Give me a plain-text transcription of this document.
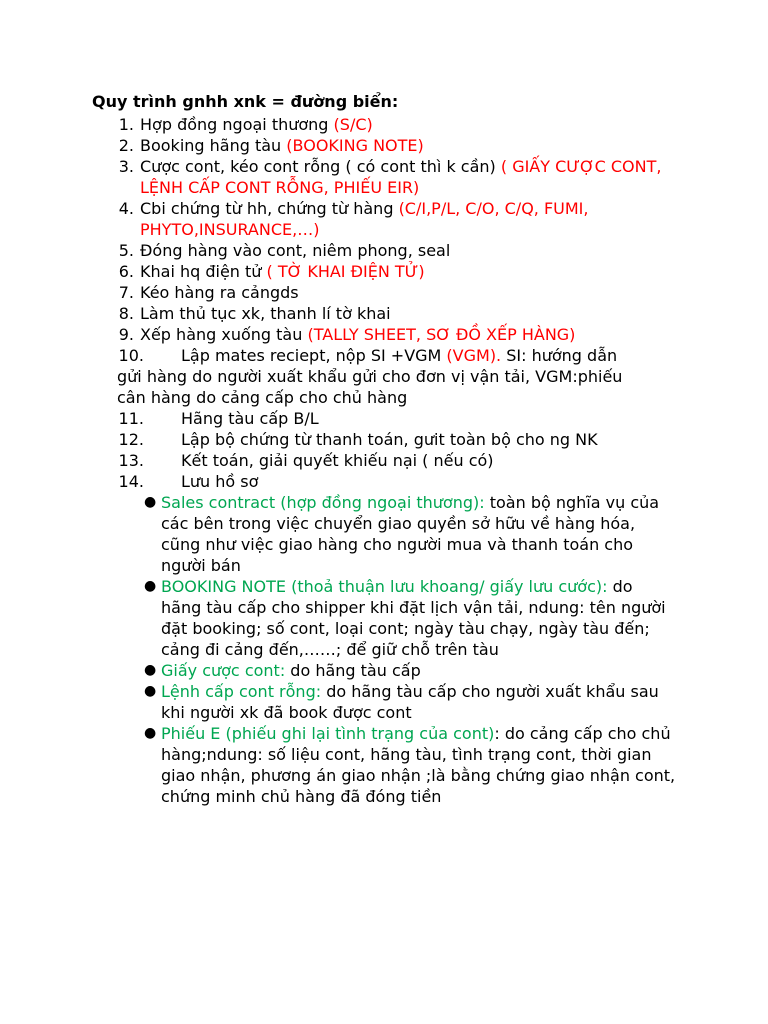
Quy trình gnhh xnk = đường biển:

1. Hợp đồng ngoại thương (S/C)
2. Booking hãng tàu (BOOKING NOTE)
3. Cược cont, kéo cont rỗng ( có cont thì k cần) ( GIẤY CƯỢC CONT, LỆNH CẤP CONT RỖNG, PHIẾU EIR)
4. Cbi chứng từ hh, chứng từ hàng (C/I,P/L, C/O, C/Q, FUMI, PHYTO,INSURANCE,…)
5. Đóng hàng vào cont, niêm phong, seal
6. Khai hq điện tử ( TỜ KHAI ĐIỆN TỬ)
7. Kéo hàng ra cảngds
8. Làm thủ tục xk, thanh lí tờ khai
9. Xếp hàng xuống tàu (TALLY SHEET, SƠ ĐỒ XẾP HÀNG)
10.	Lập mates reciept, nộp SI +VGM (VGM). SI: hướng dẫn gửi hàng do người xuất khẩu gửi cho đơn vị vận tải, VGM:phiếu cân hàng do cảng cấp cho chủ hàng
11. Hãng tàu cấp B/L
12. Lập bộ chứng từ thanh toán, gưit toàn bộ cho ng NK
13. Kết toán, giải quyết khiếu nại ( nếu có)
14. Lưu hồ sơ
● Sales contract (hợp đồng ngoại thương): toàn bộ nghĩa vụ của các bên trong việc chuyển giao quyền sở hữu về hàng hóa, cũng như việc giao hàng cho người mua và thanh toán cho người bán
● BOOKING NOTE (thoả thuận lưu khoang/ giấy lưu cước): do hãng tàu cấp cho shipper khi đặt lịch vận tải, ndung: tên người đặt booking; số cont, loại cont; ngày tàu chạy, ngày tàu đến; cảng đi cảng đến,……; để giữ chỗ trên tàu
● Giấy cược cont: do hãng tàu cấp
● Lệnh cấp cont rỗng: do hãng tàu cấp cho người xuất khẩu sau khi người xk đã book được cont
● Phiếu E (phiếu ghi lại tình trạng của cont): do cảng cấp cho chủ hàng;ndung: số liệu cont, hãng tàu, tình trạng cont, thời gian giao nhận, phương án giao nhận ;là bằng chứng giao nhận cont, chứng minh chủ hàng đã đóng tiền
